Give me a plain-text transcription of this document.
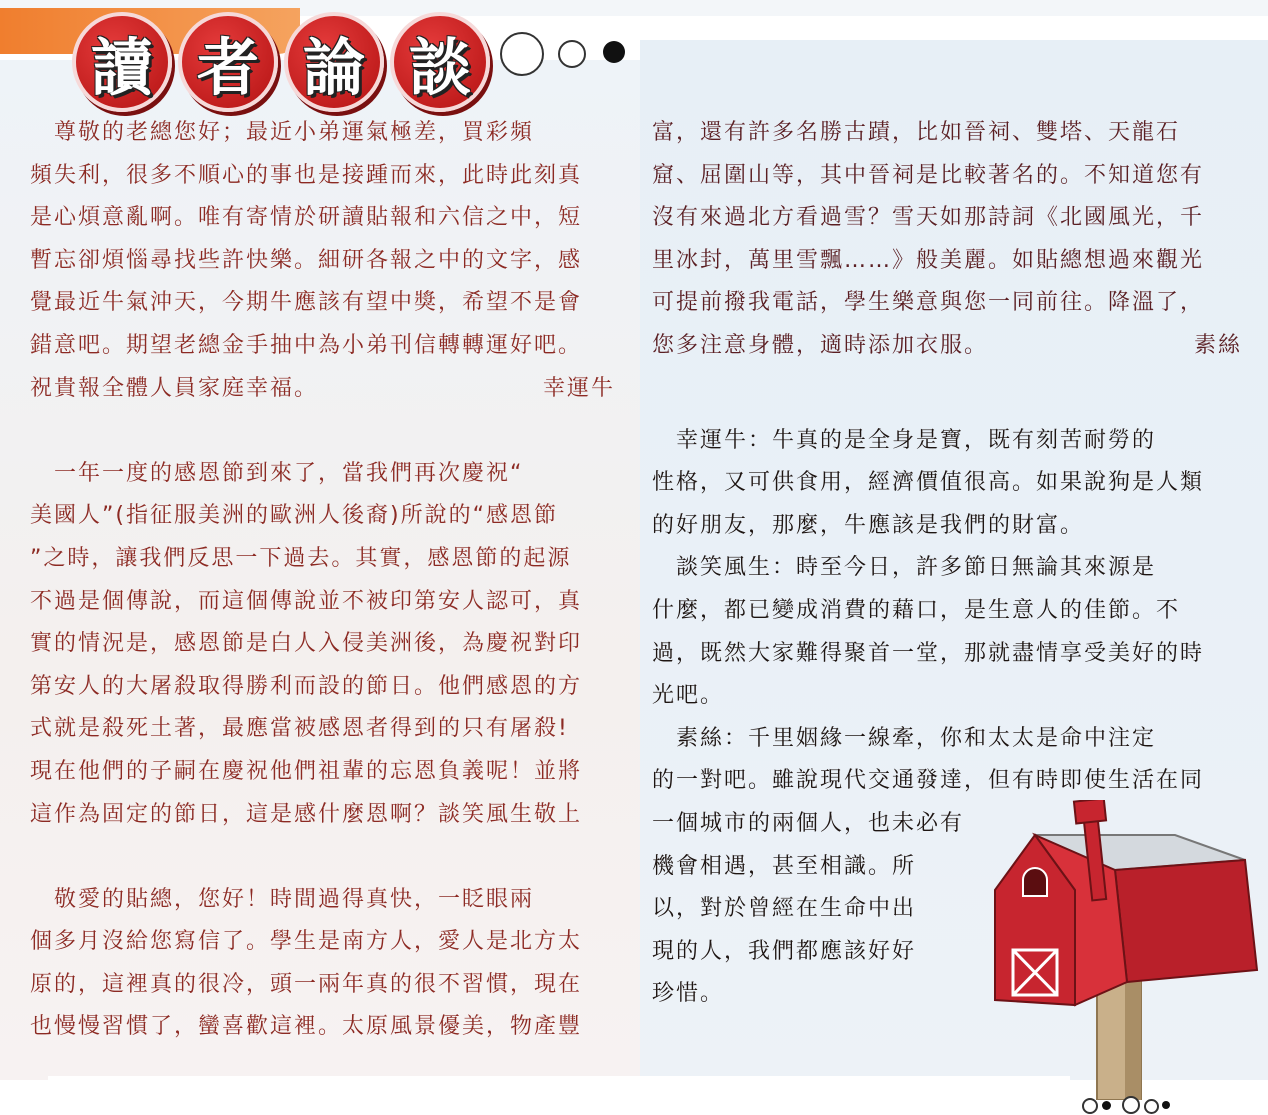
讀 者 論 談
　尊敬的老總您好；最近小弟運氣極差，買彩頻
頻失利，很多不順心的事也是接踵而來，此時此刻真
是心煩意亂啊。唯有寄情於研讀貼報和六信之中，短
暫忘卻煩惱尋找些許快樂。細研各報之中的文字，感
覺最近牛氣沖天，今期牛應該有望中獎，希望不是會
錯意吧。期望老總金手抽中為小弟刊信轉轉運好吧。
祝貴報全體人員家庭幸福。	幸運牛
　一年一度的感恩節到來了，當我們再次慶祝“
美國人”(指征服美洲的歐洲人後裔)所說的“感恩節
”之時，讓我們反思一下過去。其實，感恩節的起源
不過是個傳說，而這個傳說並不被印第安人認可，真
實的情況是，感恩節是白人入侵美洲後，為慶祝對印
第安人的大屠殺取得勝利而設的節日。他們感恩的方
式就是殺死土著，最應當被感恩者得到的只有屠殺!
現在他們的子嗣在慶祝他們祖輩的忘恩負義呢！並將
這作為固定的節日，這是感什麼恩啊？談笑風生敬上
　敬愛的貼總，您好！時間過得真快，一眨眼兩
個多月沒給您寫信了。學生是南方人，愛人是北方太
原的，這裡真的很冷，頭一兩年真的很不習慣，現在
也慢慢習慣了，蠻喜歡這裡。太原風景優美，物產豐
富，還有許多名勝古蹟，比如晉祠、雙塔、天龍石
窟、屈圍山等，其中晉祠是比較著名的。不知道您有
沒有來過北方看過雪？雪天如那詩詞《北國風光，千
里冰封，萬里雪飄……》般美麗。如貼總想過來觀光
可提前撥我電話，學生樂意與您一同前往。降溫了，
您多注意身體，適時添加衣服。	素絲
　幸運牛：牛真的是全身是寶，既有刻苦耐勞的
性格，又可供食用，經濟價值很高。如果說狗是人類
的好朋友，那麼，牛應該是我們的財富。
　談笑風生：時至今日，許多節日無論其來源是
什麼，都已變成消費的藉口，是生意人的佳節。不
過，既然大家難得聚首一堂，那就盡情享受美好的時
光吧。
　素絲：千里姻緣一線牽，你和太太是命中注定
的一對吧。雖說現代交通發達，但有時即使生活在同
一個城市的兩個人，也未必有
機會相遇，甚至相識。所
以，對於曾經在生命中出
現的人，我們都應該好好
珍惜。
